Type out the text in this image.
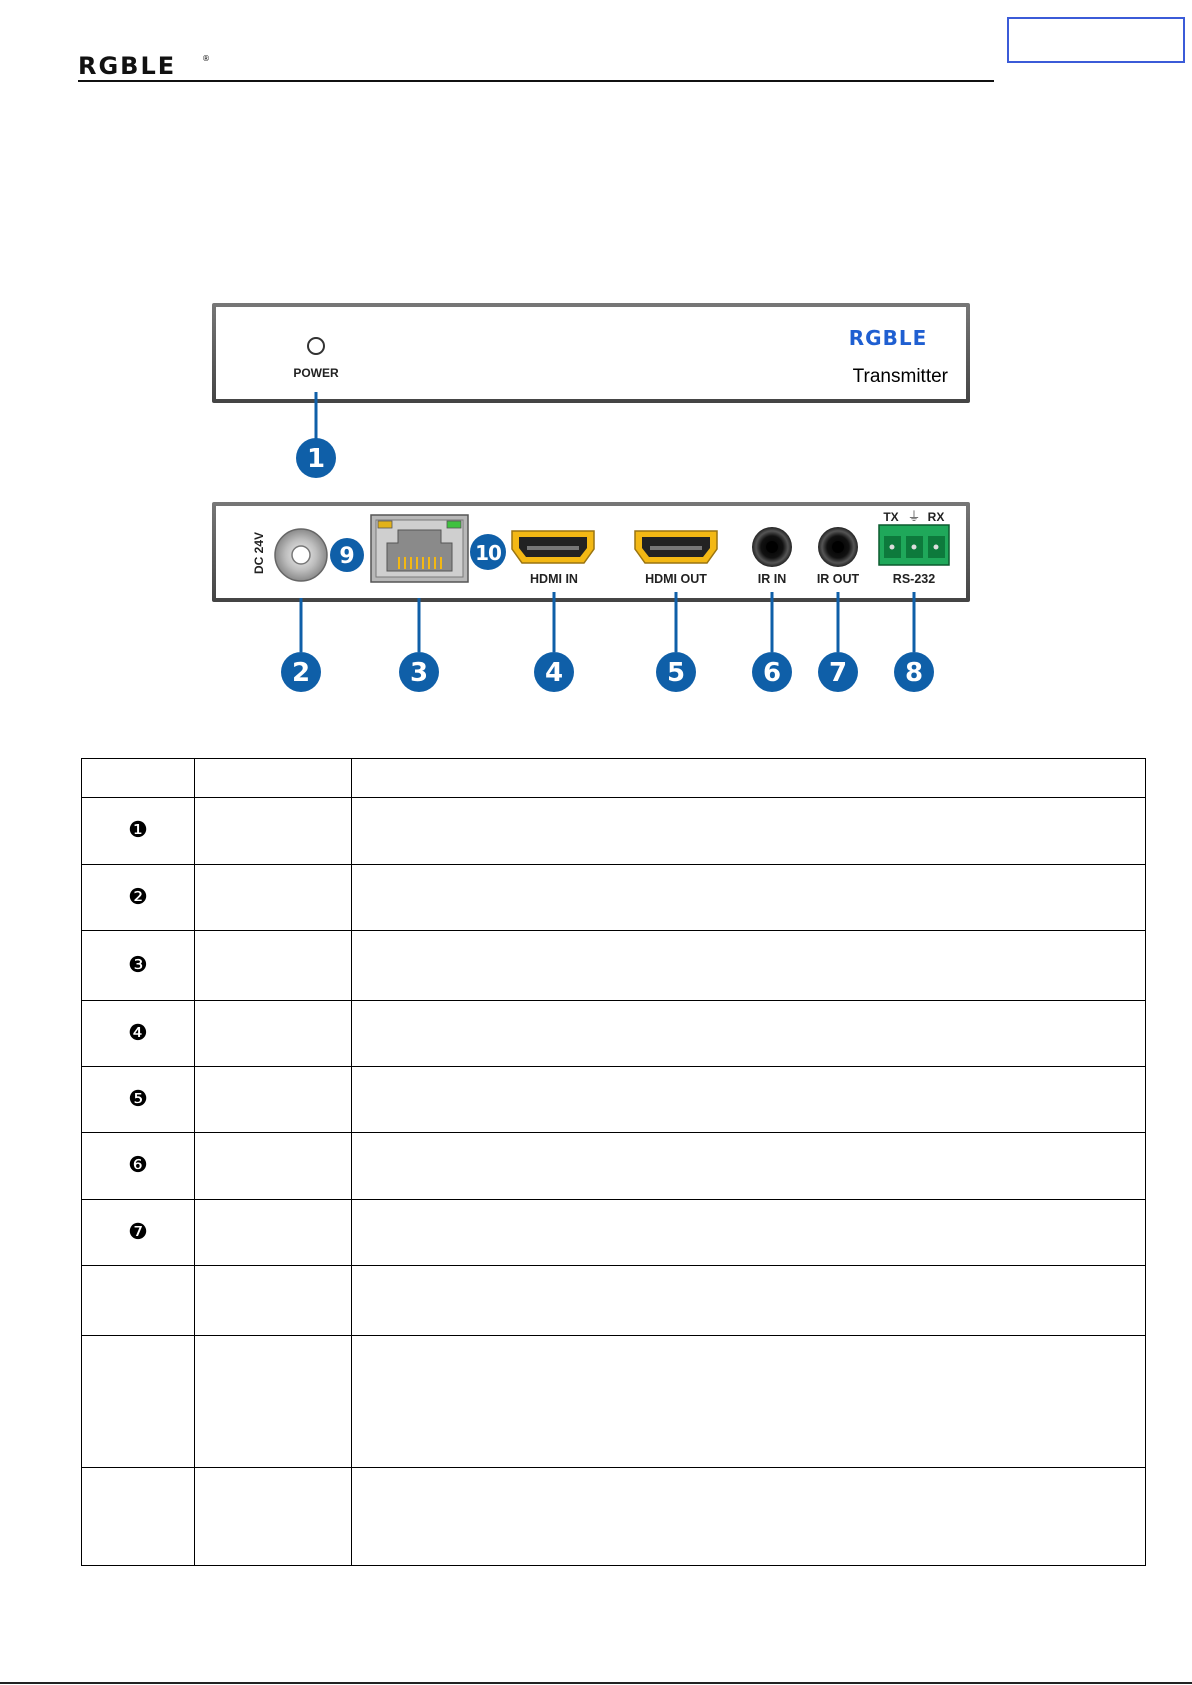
RGBLE	®
POWER
RGBLE
Transmitter
1
DC 24V	9	10
HDMI IN	HDMI OUT	IR IN IR OUT
TX ⏚ RX
RS-232
2	3	4	5	6 7 8

❶		
❷		
❸		
❹		
❺		
❻		
❼		
